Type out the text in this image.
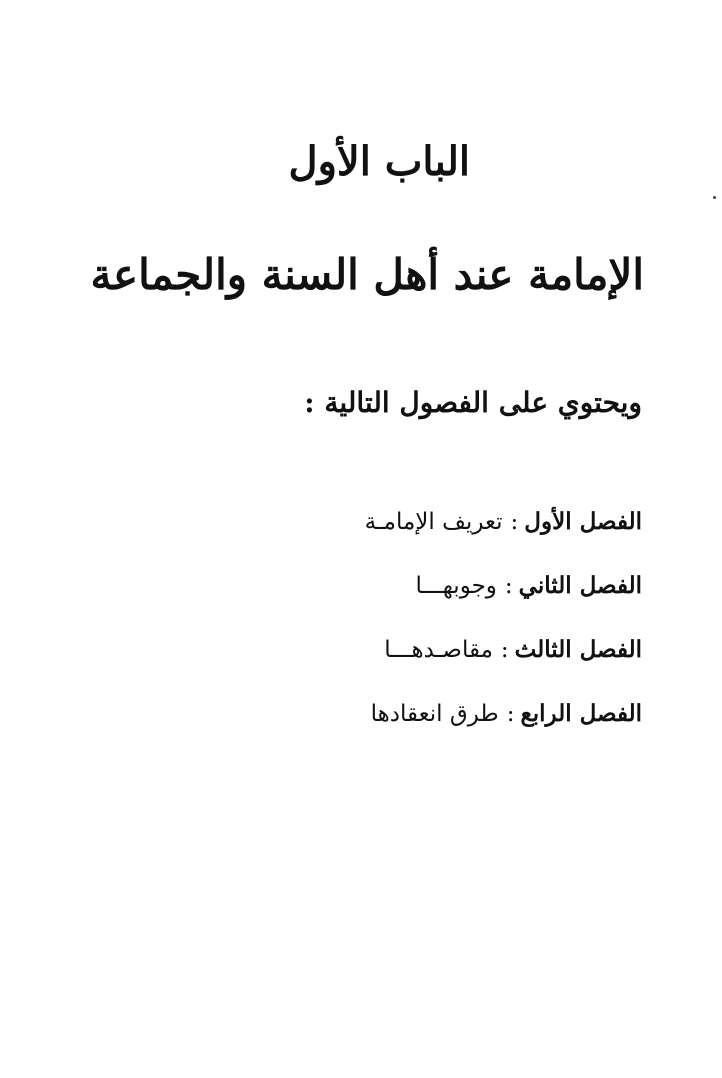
الباب الأول
الإمامة عند أهل السنة والجماعة
ويحتوي على الفصول التالية :
الفصل الأول:تعريف الإمامـة
الفصل الثاني:وجوبهـــا
الفصل الثالث:مقاصـدهـــا
الفصل الرابع:طرق انعقادها
